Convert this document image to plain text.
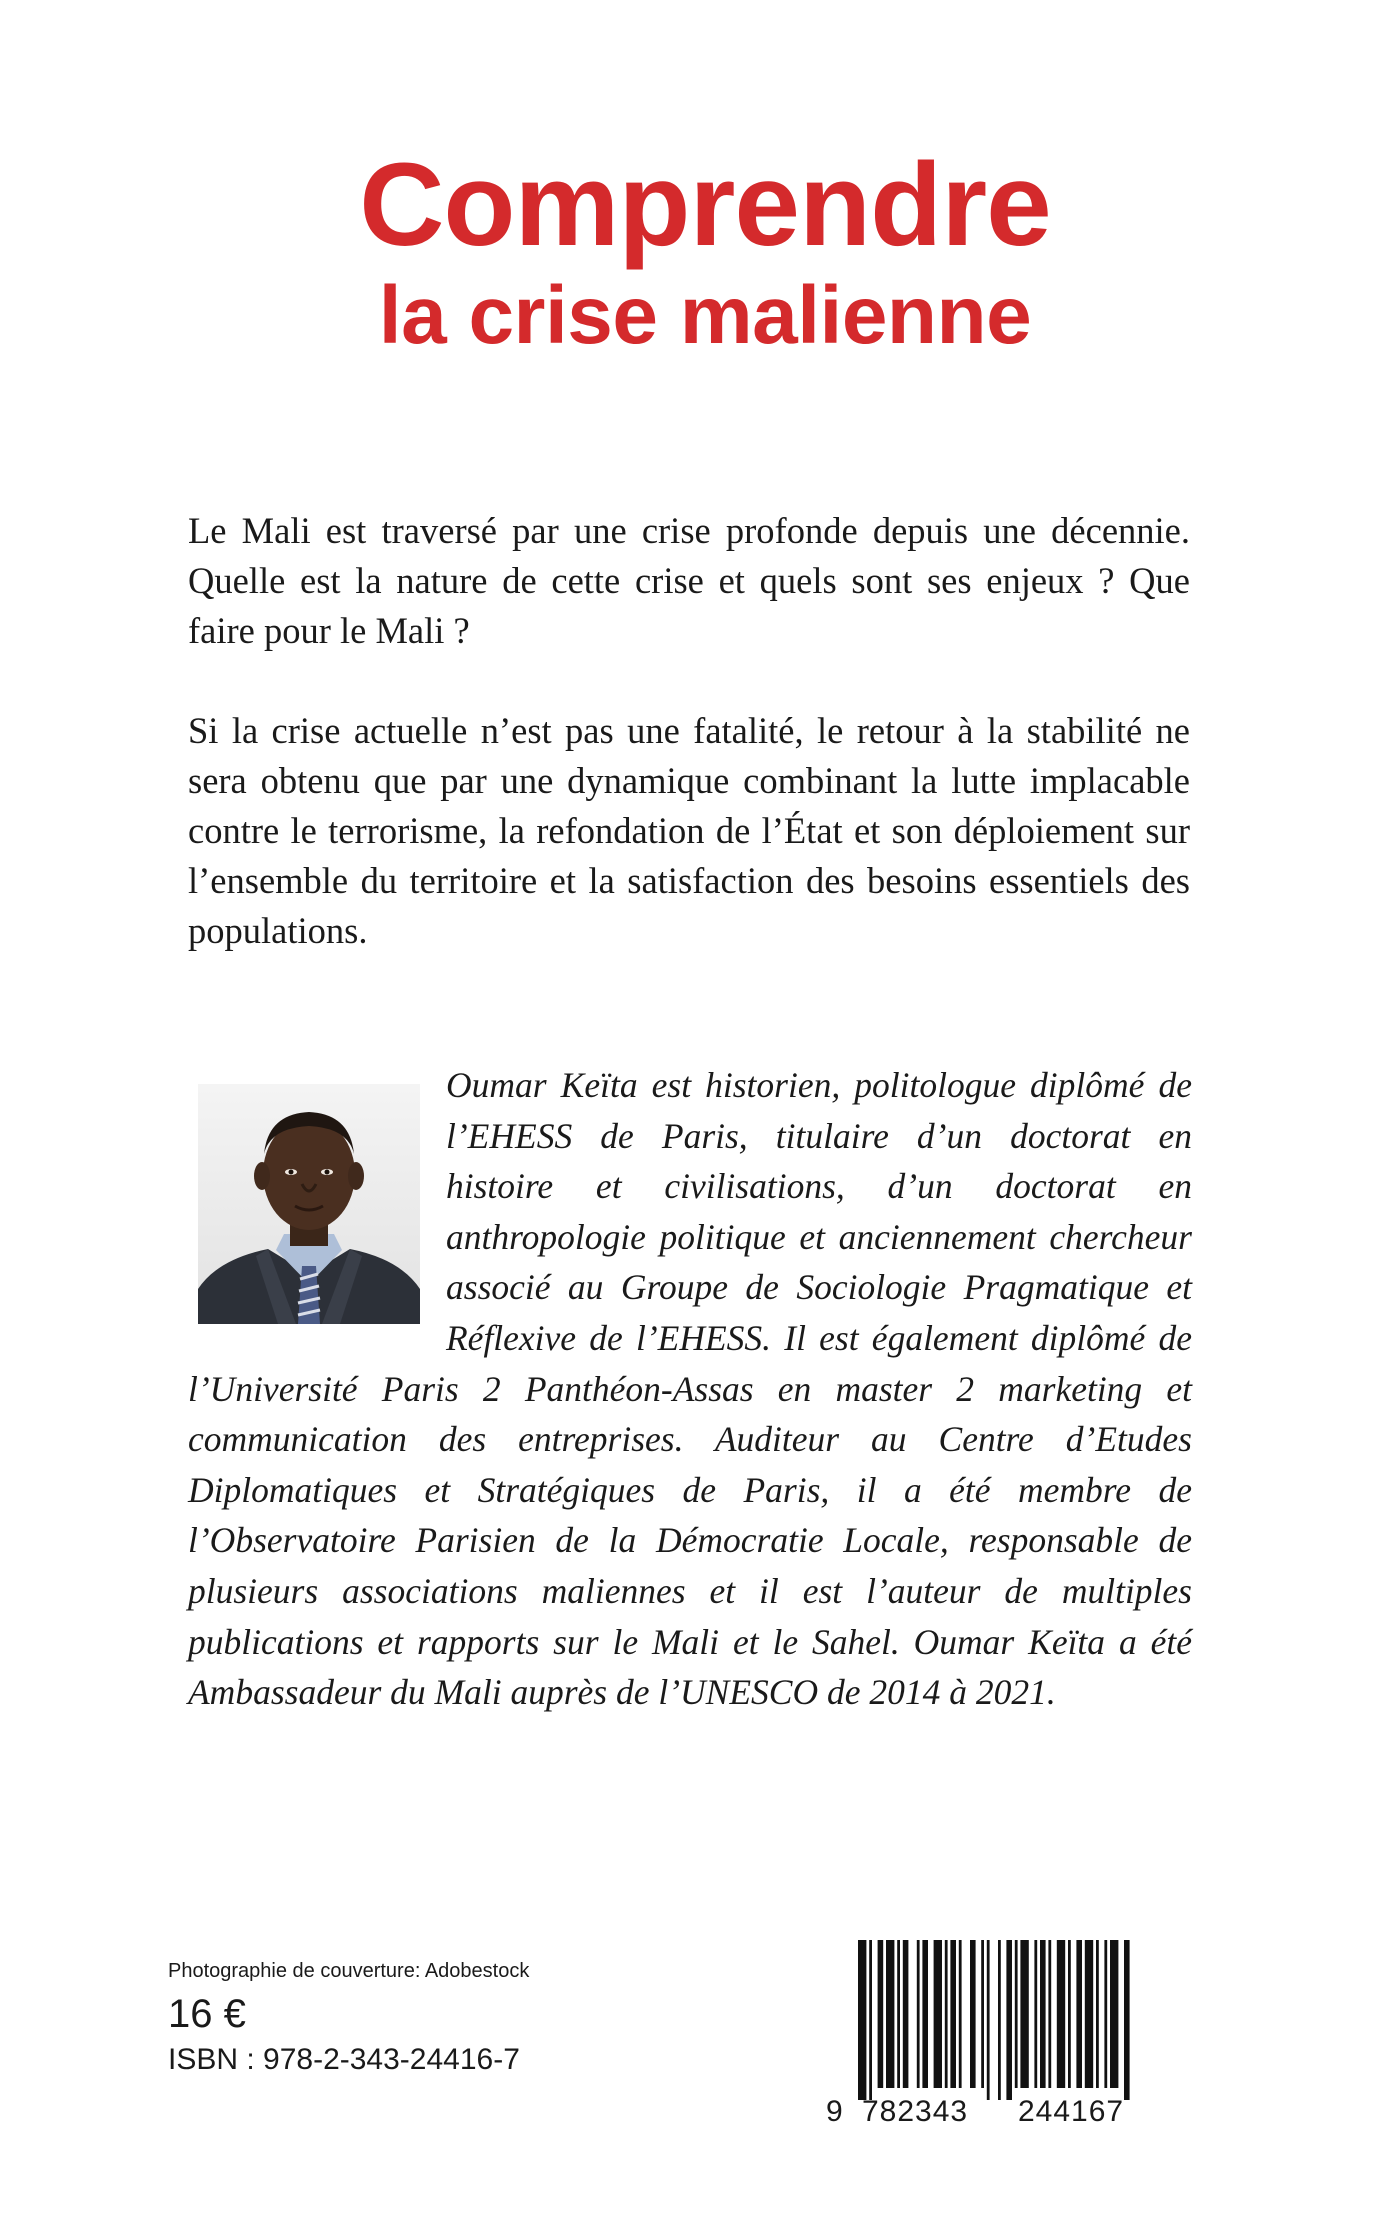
Comprendre
la crise malienne

Le Mali est traversé par une crise profonde depuis une décennie. Quelle est la nature de cette crise et quels sont ses enjeux ? Que faire pour le Mali ?

Si la crise actuelle n’est pas une fatalité, le retour à la stabilité ne sera obtenu que par une dynamique combinant la lutte implacable contre le terrorisme, la refondation de l’État et son déploiement sur l’ensemble du territoire et la satisfaction des besoins essentiels des populations.

Oumar Keïta est historien, politologue diplômé de l’EHESS de Paris, titulaire d’un doctorat en histoire et civilisations, d’un doctorat en anthropologie politique et anciennement chercheur associé au Groupe de Sociologie Pragmatique et Réflexive de l’EHESS. Il est également diplômé de l’Université Paris 2 Panthéon-Assas en master 2 marketing et communication des entreprises. Auditeur au Centre d’Etudes Diplomatiques et Stratégiques de Paris, il a été membre de l’Observatoire Parisien de la Démocratie Locale, responsable de plusieurs associations maliennes et il est l’auteur de multiples publications et rapports sur le Mali et le Sahel. Oumar Keïta a été Ambassadeur du Mali auprès de l’UNESCO de 2014 à 2021.
Photographie de couverture: Adobestock
16 €
ISBN : 978-2-343-24416-7
9 782343 244167
